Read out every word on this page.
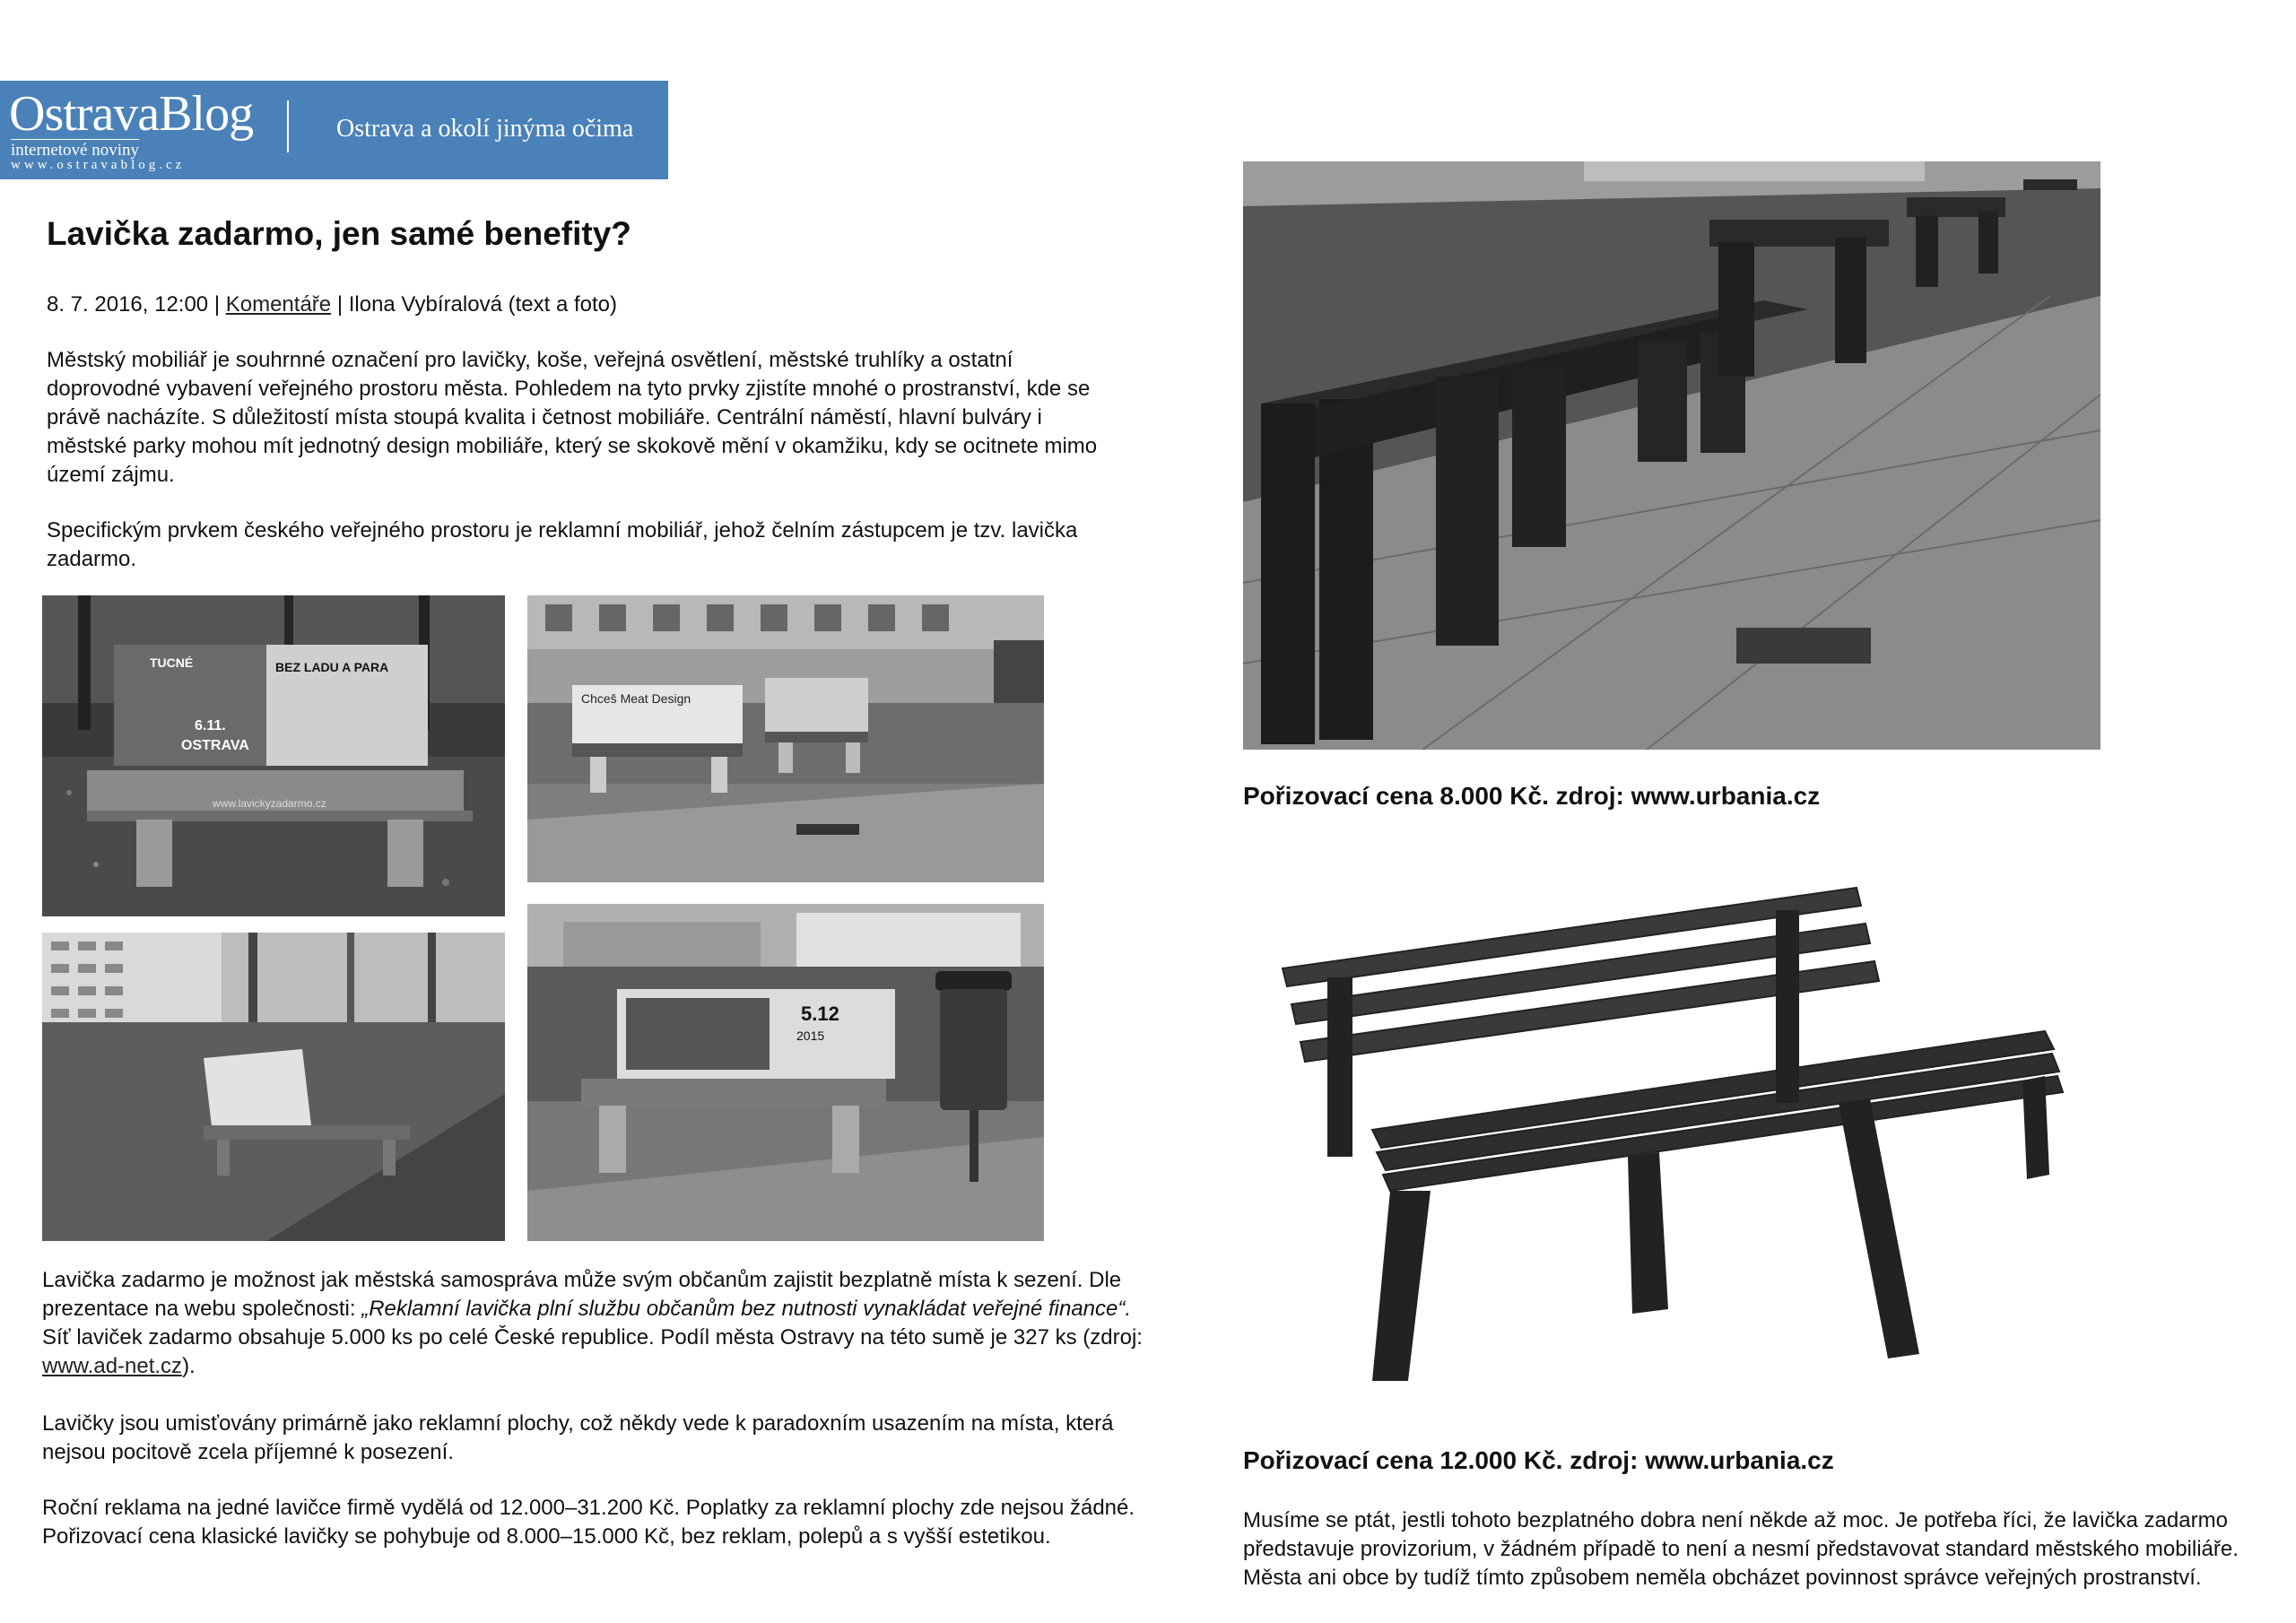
OstravaBlog
internetové noviny
www.ostravablog.cz
Ostrava a okolí jinýma očima
Lavička zadarmo, jen samé benefity?
8. 7. 2016, 12:00 | Komentáře | Ilona Vybíralová (text a foto)
Městský mobiliář je souhrnné označení pro lavičky, koše, veřejná osvětlení, městské truhlíky a ostatní doprovodné vybavení veřejného prostoru města. Pohledem na tyto prvky zjistíte mnohé o prostranství, kde se právě nacházíte. S důležitostí místa stoupá kvalita i četnost mobiliáře. Centrální náměstí, hlavní bulváry i městské parky mohou mít jednotný design mobiliáře, který se skokově mění v okamžiku, kdy se ocitnete mimo území zájmu.
Specifickým prvkem českého veřejného prostoru je reklamní mobiliář, jehož čelním zástupcem je tzv. lavička zadarmo.
TUCNÉ	BEZ LADU A PARA
6.11.
OSTRAVA
www.lavickyzadarmo.cz
Chceš Meat Design
5.12
2015
Lavička zadarmo je možnost jak městská samospráva může svým občanům zajistit bezplatně místa k sezení. Dle prezentace na webu společnosti: „Reklamní lavička plní službu občanům bez nutnosti vynakládat veřejné finance“. Síť laviček zadarmo obsahuje 5.000 ks po celé České republice. Podíl města Ostravy na této sumě je 327 ks (zdroj: www.ad-net.cz).
Lavičky jsou umisťovány primárně jako reklamní plochy, což někdy vede k paradoxním usazením na místa, která nejsou pocitově zcela příjemné k posezení.
Roční reklama na jedné lavičce firmě vydělá od 12.000–31.200 Kč. Poplatky za reklamní plochy zde nejsou žádné. Pořizovací cena klasické lavičky se pohybuje od 8.000–15.000 Kč, bez reklam, polepů a s vyšší estetikou.
Pořizovací cena 8.000 Kč. zdroj: www.urbania.cz
Pořizovací cena 12.000 Kč. zdroj: www.urbania.cz
Musíme se ptát, jestli tohoto bezplatného dobra není někde až moc. Je potřeba říci, že lavička zadarmo představuje provizorium, v žádném případě to není a nesmí představovat standard městského mobiliáře. Města ani obce by tudíž tímto způsobem neměla obcházet povinnost správce veřejných prostranství.
